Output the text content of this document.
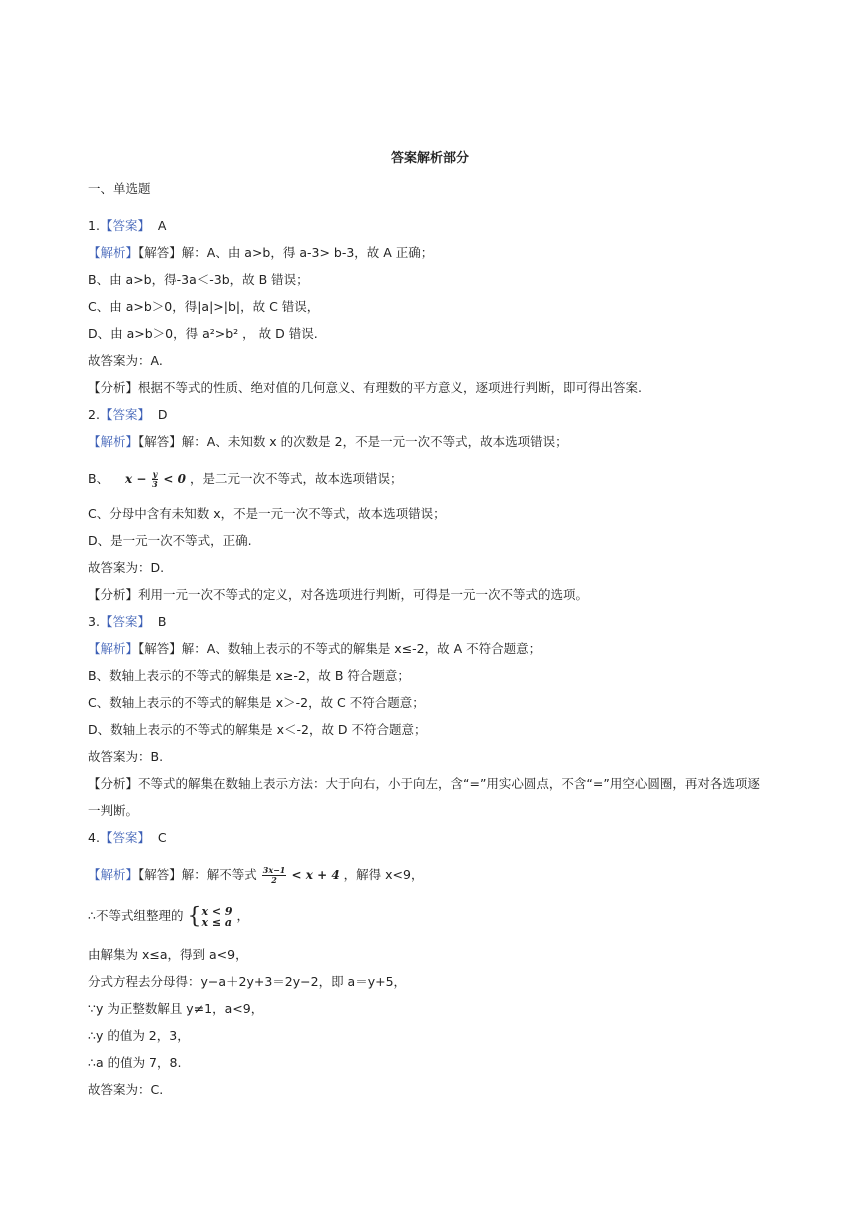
答案解析部分
一、单选题
1.【答案】 A
【解析】【解答】解：A、由 a>b，得 a-3> b-3，故 A 正确；
B、由 a>b，得-3a＜-3b，故 B 错误；
C、由 a>b＞0，得|a|>|b|，故 C 错误，
D、由 a>b＞0，得 a²>b² ， 故 D 错误.
故答案为：A.
【分析】根据不等式的性质、绝对值的几何意义、有理数的平方意义，逐项进行判断，即可得出答案.
2.【答案】 D
【解析】【解答】解：A、未知数 x 的次数是 2，不是一元一次不等式，故本选项错误；
B、 $x - \frac{y}{3} < 0$ ，是二元一次不等式，故本选项错误；
C、分母中含有未知数 x，不是一元一次不等式，故本选项错误；
D、是一元一次不等式，正确.
故答案为：D.
【分析】利用一元一次不等式的定义，对各选项进行判断，可得是一元一次不等式的选项。
3.【答案】 B
【解析】【解答】解：A、数轴上表示的不等式的解集是 x≤-2，故 A 不符合题意；
B、数轴上表示的不等式的解集是 x≥-2，故 B 符合题意；
C、数轴上表示的不等式的解集是 x＞-2，故 C 不符合题意；
D、数轴上表示的不等式的解集是 x＜-2，故 D 不符合题意；
故答案为：B.
【分析】不等式的解集在数轴上表示方法：大于向右，小于向左，含“=”用实心圆点，不含“=”用空心圆圈，再对各选项逐
一判断。
4.【答案】 C
【解析】【解答】解：解不等式 $\frac{3x-1}{2} < x + 4$ ，解得 x<9，
∴不等式组整理的 { x < 9
x ≤ a ，
由解集为 x≤a，得到 a<9，
分式方程去分母得：y−a＋2y+3＝2y−2，即 a＝y+5，
∵y 为正整数解且 y≠1，a<9，
∴y 的值为 2，3，
∴a 的值为 7，8.
故答案为：C.
